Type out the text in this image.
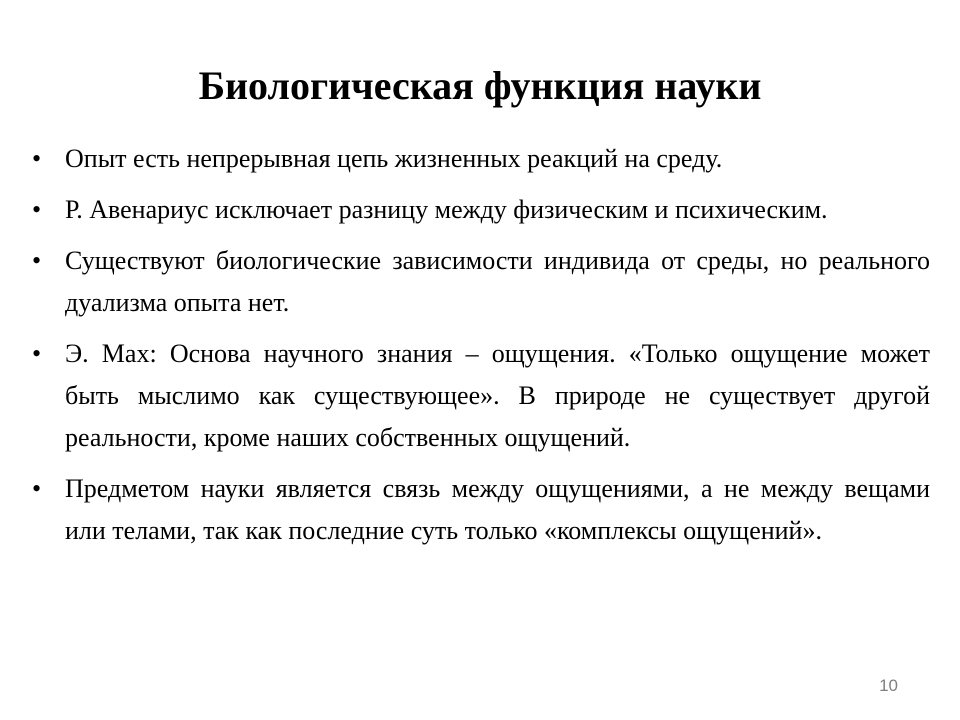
Биологическая функция науки
• Опыт есть непрерывная цепь жизненных реакций на среду.
• Р. Авенариус исключает разницу между физическим и психическим.
• Существуют биологические зависимости индивида от среды, но реального дуализма опыта нет.
• Э. Мах: Основа научного знания – ощущения. «Только ощущение может быть мыслимо как существующее». В природе не существует другой реальности, кроме наших собственных ощущений.
• Предметом науки является связь между ощущениями, а не между вещами или телами, так как последние суть только «комплексы ощущений».
10
